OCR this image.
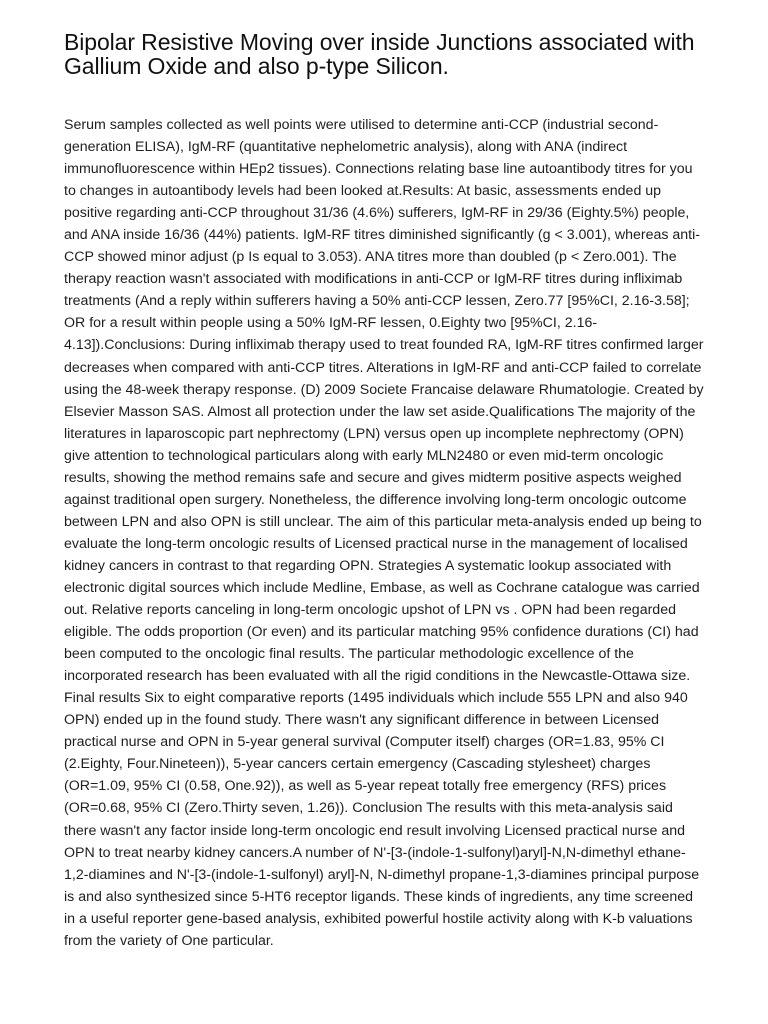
Bipolar Resistive Moving over inside Junctions associated with Gallium Oxide and also p-type Silicon.

Serum samples collected as well points were utilised to determine anti-CCP (industrial second-generation ELISA), IgM-RF (quantitative nephelometric analysis), along with ANA (indirect immunofluorescence within HEp2 tissues). Connections relating base line autoantibody titres for you to changes in autoantibody levels had been looked at.Results: At basic, assessments ended up positive regarding anti-CCP throughout 31/36 (4.6%) sufferers, IgM-RF in 29/36 (Eighty.5%) people, and ANA inside 16/36 (44%) patients. IgM-RF titres diminished significantly (g < 3.001), whereas anti-CCP showed minor adjust (p Is equal to 3.053). ANA titres more than doubled (p < Zero.001). The therapy reaction wasn't associated with modifications in anti-CCP or IgM-RF titres during infliximab treatments (And a reply within sufferers having a 50% anti-CCP lessen, Zero.77 [95%CI, 2.16-3.58]; OR for a result within people using a 50% IgM-RF lessen, 0.Eighty two [95%CI, 2.16-4.13]).Conclusions: During infliximab therapy used to treat founded RA, IgM-RF titres confirmed larger decreases when compared with anti-CCP titres. Alterations in IgM-RF and anti-CCP failed to correlate using the 48-week therapy response. (D) 2009 Societe Francaise delaware Rhumatologie. Created by Elsevier Masson SAS. Almost all protection under the law set aside.Qualifications The majority of the literatures in laparoscopic part nephrectomy (LPN) versus open up incomplete nephrectomy (OPN) give attention to technological particulars along with early MLN2480 or even mid-term oncologic results, showing the method remains safe and secure and gives midterm positive aspects weighed against traditional open surgery. Nonetheless, the difference involving long-term oncologic outcome between LPN and also OPN is still unclear. The aim of this particular meta-analysis ended up being to evaluate the long-term oncologic results of Licensed practical nurse in the management of localised kidney cancers in contrast to that regarding OPN. Strategies A systematic lookup associated with electronic digital sources which include Medline, Embase, as well as Cochrane catalogue was carried out. Relative reports canceling in long-term oncologic upshot of LPN vs . OPN had been regarded eligible. The odds proportion (Or even) and its particular matching 95% confidence durations (CI) had been computed to the oncologic final results. The particular methodologic excellence of the incorporated research has been evaluated with all the rigid conditions in the Newcastle-Ottawa size. Final results Six to eight comparative reports (1495 individuals which include 555 LPN and also 940 OPN) ended up in the found study. There wasn't any significant difference in between Licensed practical nurse and OPN in 5-year general survival (Computer itself) charges (OR=1.83, 95% CI (2.Eighty, Four.Nineteen)), 5-year cancers certain emergency (Cascading stylesheet) charges (OR=1.09, 95% CI (0.58, One.92)), as well as 5-year repeat totally free emergency (RFS) prices (OR=0.68, 95% CI (Zero.Thirty seven, 1.26)). Conclusion The results with this meta-analysis said there wasn't any factor inside long-term oncologic end result involving Licensed practical nurse and OPN to treat nearby kidney cancers.A number of N'-[3-(indole-1-sulfonyl)aryl]-N,N-dimethyl ethane-1,2-diamines and N'-[3-(indole-1-sulfonyl) aryl]-N, N-dimethyl propane-1,3-diamines principal purpose is and also synthesized since 5-HT6 receptor ligands. These kinds of ingredients, any time screened in a useful reporter gene-based analysis, exhibited powerful hostile activity along with K-b valuations from the variety of One particular.
